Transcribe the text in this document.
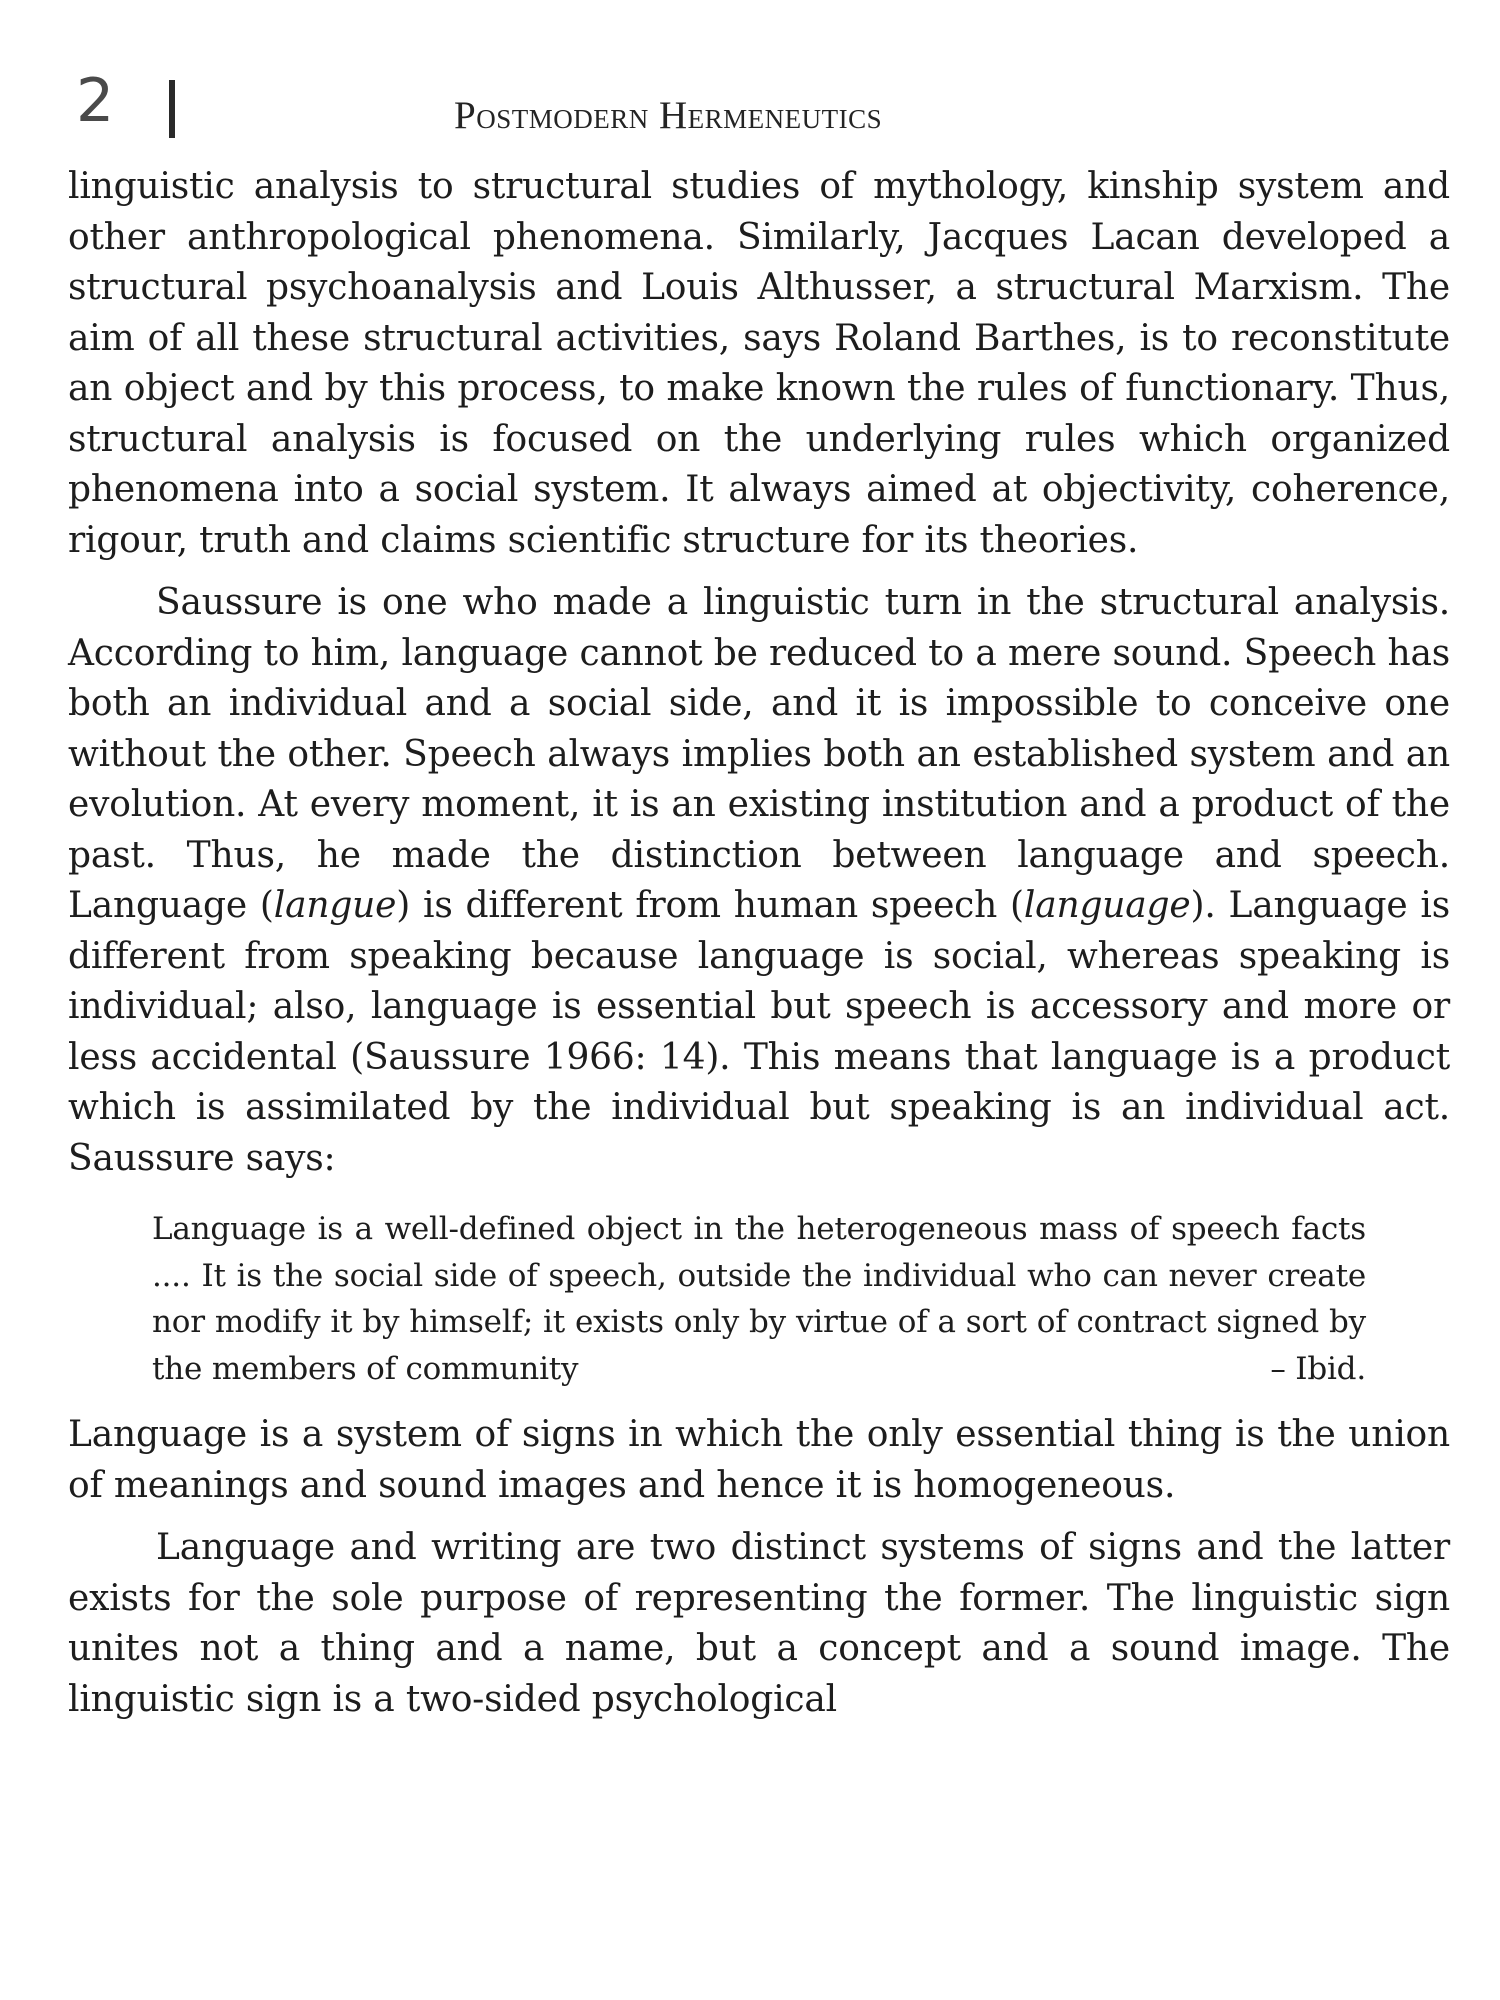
2	Postmodern Hermeneutics

linguistic analysis to structural studies of mythology, kinship system and other anthropological phenomena. Similarly, Jacques Lacan developed a structural psychoanalysis and Louis Althusser, a structural Marxism. The aim of all these structural activities, says Roland Barthes, is to reconstitute an object and by this process, to make known the rules of functionary. Thus, structural analysis is focused on the underlying rules which organized phenomena into a social system. It always aimed at objectivity, coherence, rigour, truth and claims scientific structure for its theories.

Saussure is one who made a linguistic turn in the structural analysis. According to him, language cannot be reduced to a mere sound. Speech has both an individual and a social side, and it is impossible to conceive one without the other. Speech always implies both an established system and an evolution. At every moment, it is an existing institution and a product of the past. Thus, he made the distinction between language and speech. Language (langue) is different from human speech (language). Language is different from speaking because language is social, whereas speaking is individual; also, language is essential but speech is accessory and more or less accidental (Saussure 1966: 14). This means that language is a product which is assimilated by the individual but speaking is an individual act. Saussure says:

Language is a well-defined object in the heterogeneous mass of speech facts .... It is the social side of speech, outside the individual who can never create nor modify it by himself; it exists only by virtue of a sort of contract signed by the members of community	– Ibid.

Language is a system of signs in which the only essential thing is the union of meanings and sound images and hence it is homogeneous.

Language and writing are two distinct systems of signs and the latter exists for the sole purpose of representing the former. The linguistic sign unites not a thing and a name, but a concept and a sound image. The linguistic sign is a two-sided psychological
